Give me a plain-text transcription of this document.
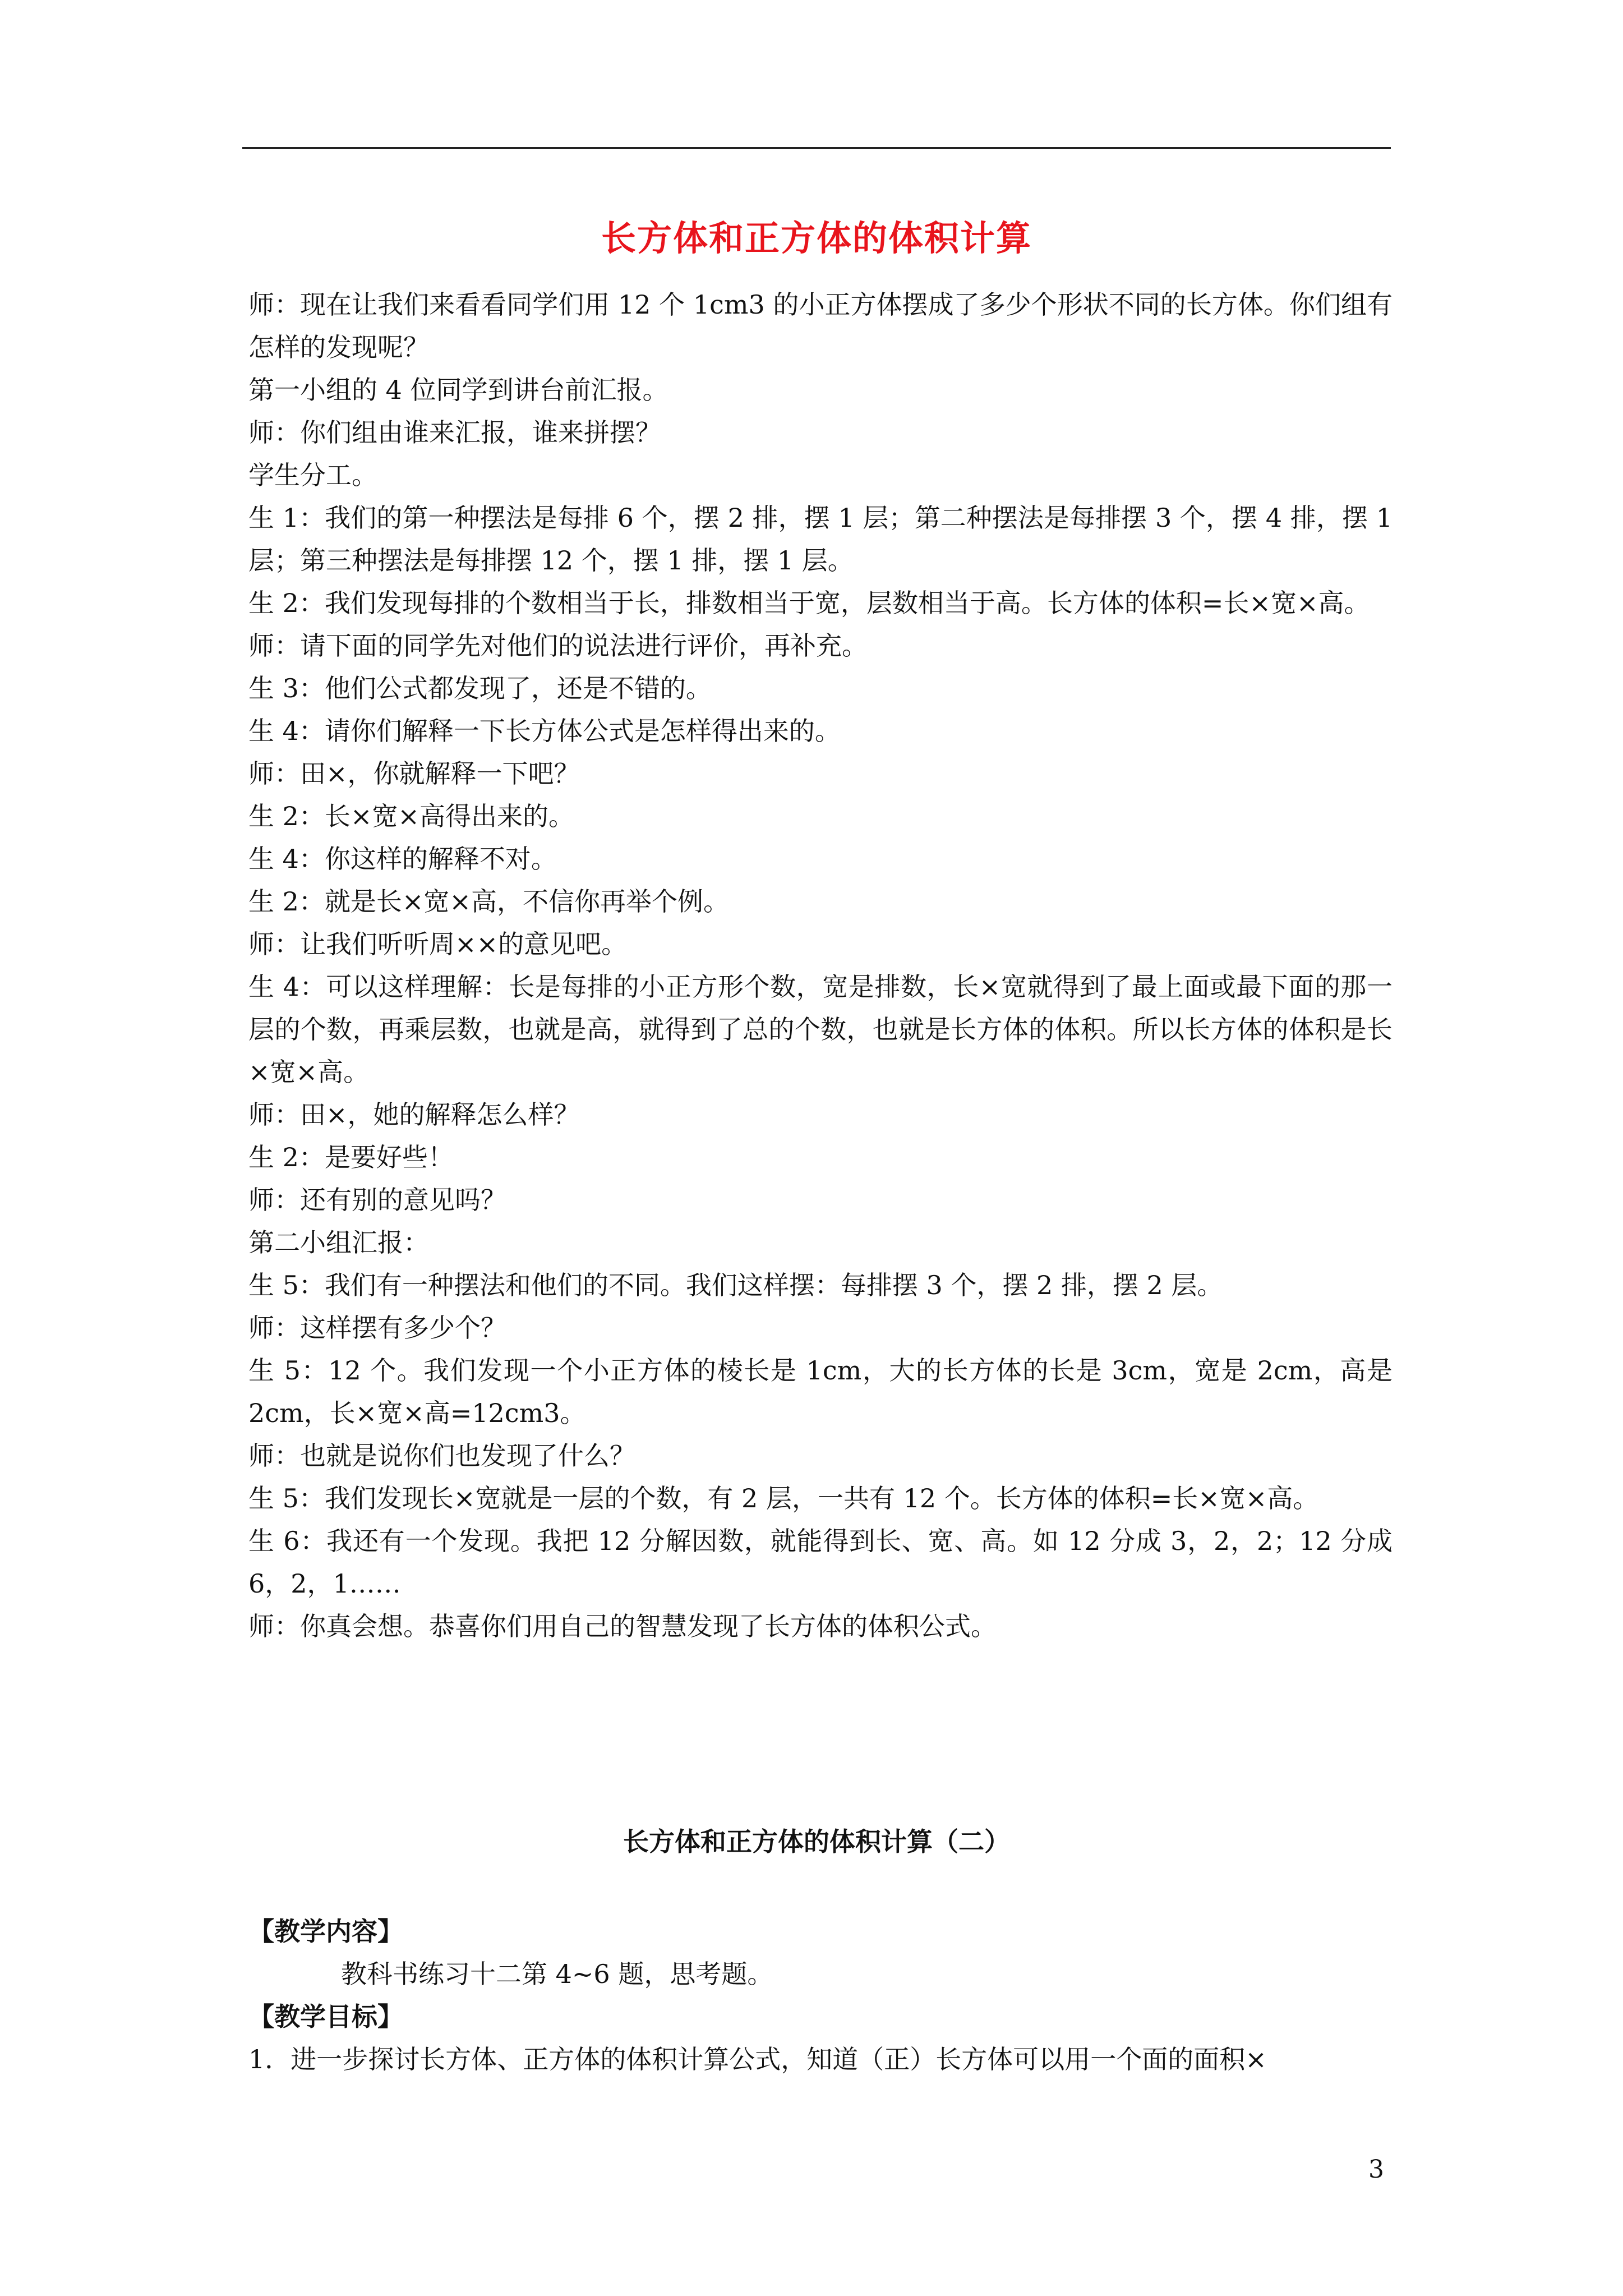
长方体和正方体的体积计算

师：现在让我们来看看同学们用 12 个 1cm3 的小正方体摆成了多少个形状不同的长方体。你们组有怎样的发现呢？

第一小组的 4 位同学到讲台前汇报。

师：你们组由谁来汇报，谁来拼摆？

学生分工。

生 1：我们的第一种摆法是每排 6 个，摆 2 排，摆 1 层；第二种摆法是每排摆 3 个，摆 4 排，摆 1 层；第三种摆法是每排摆 12 个，摆 1 排，摆 1 层。

生 2：我们发现每排的个数相当于长，排数相当于宽，层数相当于高。长方体的体积=长×宽×高。

师：请下面的同学先对他们的说法进行评价，再补充。

生 3：他们公式都发现了，还是不错的。

生 4：请你们解释一下长方体公式是怎样得出来的。

师：田×，你就解释一下吧？

生 2：长×宽×高得出来的。

生 4：你这样的解释不对。

生 2：就是长×宽×高，不信你再举个例。

师：让我们听听周××的意见吧。

生 4：可以这样理解：长是每排的小正方形个数，宽是排数，长×宽就得到了最上面或最下面的那一层的个数，再乘层数，也就是高，就得到了总的个数，也就是长方体的体积。所以长方体的体积是长×宽×高。

师：田×，她的解释怎么样？

生 2：是要好些！

师：还有别的意见吗？

第二小组汇报：

生 5：我们有一种摆法和他们的不同。我们这样摆：每排摆 3 个，摆 2 排，摆 2 层。

师：这样摆有多少个？

生 5：12 个。我们发现一个小正方体的棱长是 1cm，大的长方体的长是 3cm，宽是 2cm，高是 2cm，长×宽×高=12cm3。

师：也就是说你们也发现了什么？

生 5：我们发现长×宽就是一层的个数，有 2 层，一共有 12 个。长方体的体积=长×宽×高。

生 6：我还有一个发现。我把 12 分解因数，就能得到长、宽、高。如 12 分成 3，2，2；12 分成 6，2，1……

师：你真会想。恭喜你们用自己的智慧发现了长方体的体积公式。

长方体和正方体的体积计算（二）

【教学内容】

教科书练习十二第 4~6 题，思考题。

【教学目标】

1．进一步探讨长方体、正方体的体积计算公式，知道（正）长方体可以用一个面的面积×

3
